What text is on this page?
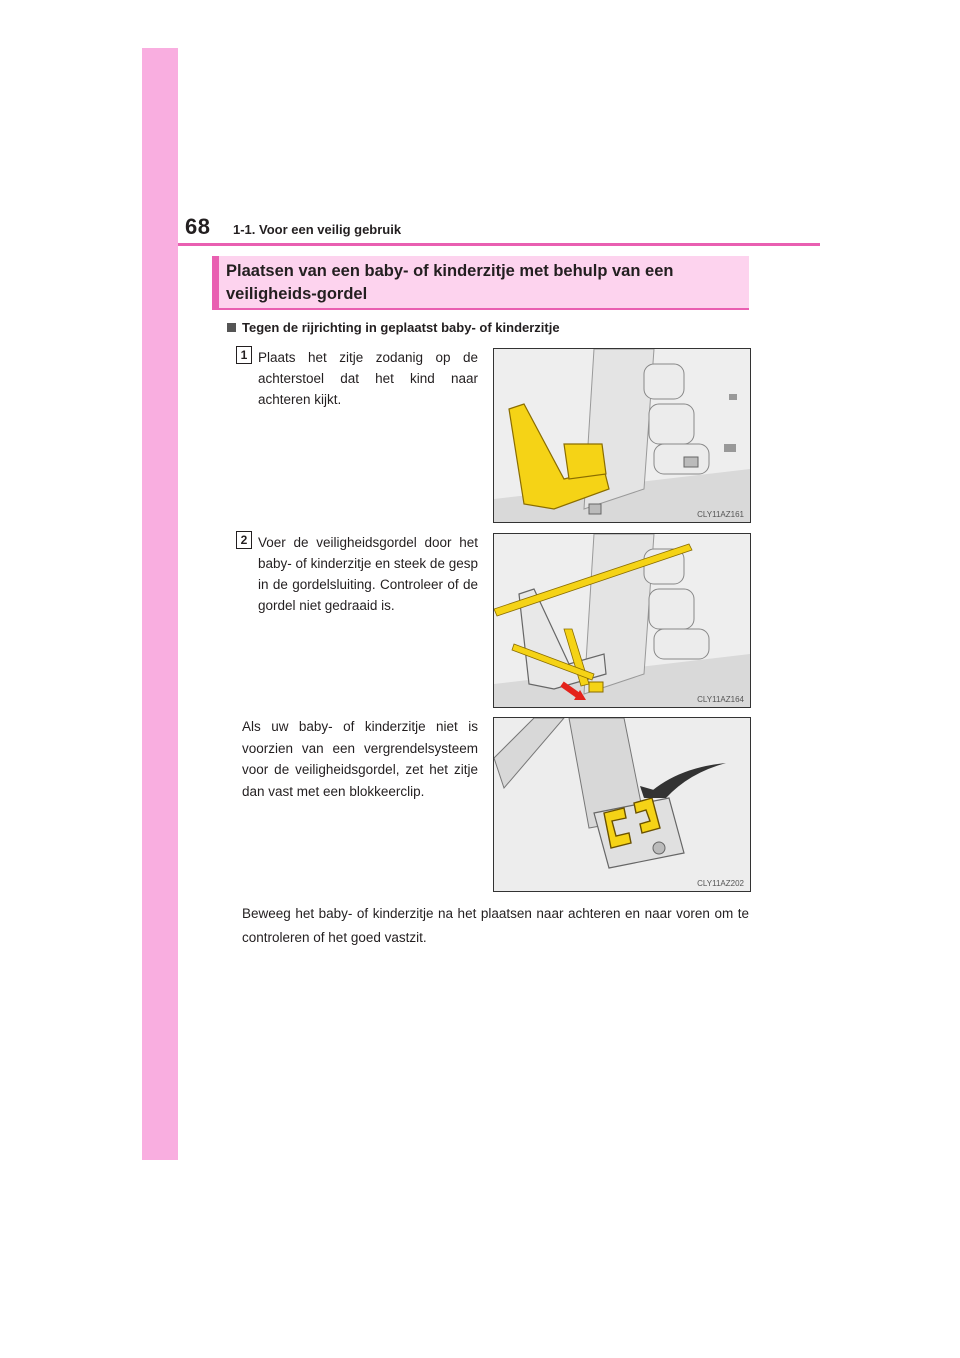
68 1-1. Voor een veilig gebruik
Plaatsen van een baby- of kinderzitje met behulp van een veiligheids-gordel
Tegen de rijrichting in geplaatst baby- of kinderzitje
1 Plaats het zitje zodanig op de achterstoel dat het kind naar achteren kijkt.
CLY11AZ161
2 Voer de veiligheidsgordel door het baby- of kinderzitje en steek de gesp in de gordelsluiting. Controleer of de gordel niet gedraaid is.
CLY11AZ164
Als uw baby- of kinderzitje niet is voorzien van een vergrendelsysteem voor de veiligheidsgordel, zet het zitje dan vast met een blokkeerclip.
CLY11AZ202
Beweeg het baby- of kinderzitje na het plaatsen naar achteren en naar voren om te controleren of het goed vastzit.
